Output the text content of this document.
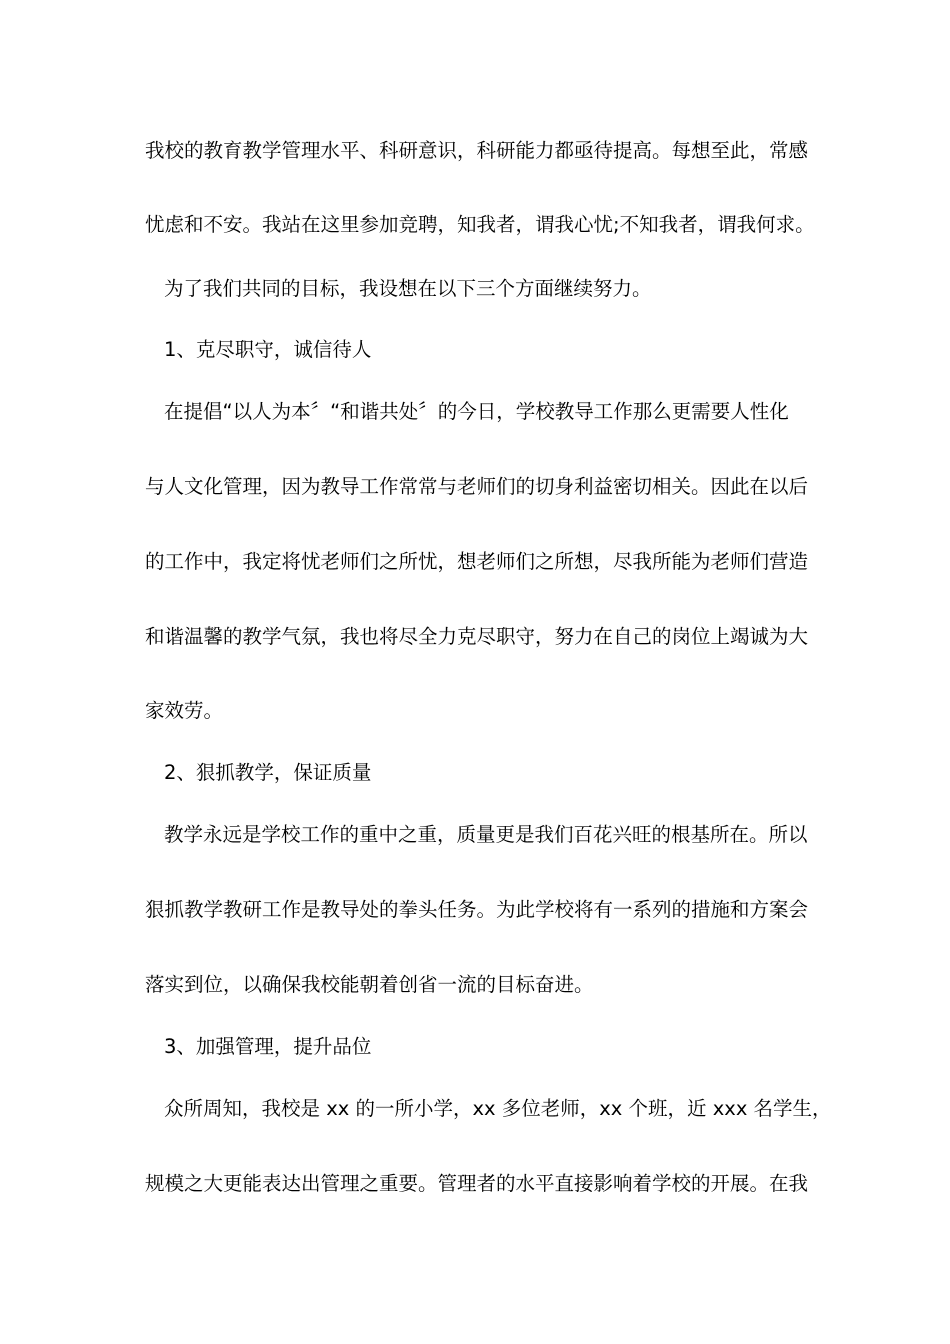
我校的教育教学管理水平、科研意识，科研能力都亟待提高。每想至此，常感
忧虑和不安。我站在这里参加竞聘，知我者，谓我心忧;不知我者，谓我何求。
为了我们共同的目标，我设想在以下三个方面继续努力。
1、克尽职守，诚信待人
在提倡“以人为本〞“和谐共处〞的今日，学校教导工作那么更需要人性化
与人文化管理，因为教导工作常常与老师们的切身利益密切相关。因此在以后
的工作中，我定将忧老师们之所忧，想老师们之所想，尽我所能为老师们营造
和谐温馨的教学气氛，我也将尽全力克尽职守，努力在自己的岗位上竭诚为大
家效劳。
2、狠抓教学，保证质量
教学永远是学校工作的重中之重，质量更是我们百花兴旺的根基所在。所以
狠抓教学教研工作是教导处的拳头任务。为此学校将有一系列的措施和方案会
落实到位，以确保我校能朝着创省一流的目标奋进。
3、加强管理，提升品位
众所周知，我校是 xx 的一所小学，xx 多位老师，xx 个班，近 xxx 名学生，
规模之大更能表达出管理之重要。管理者的水平直接影响着学校的开展。在我
